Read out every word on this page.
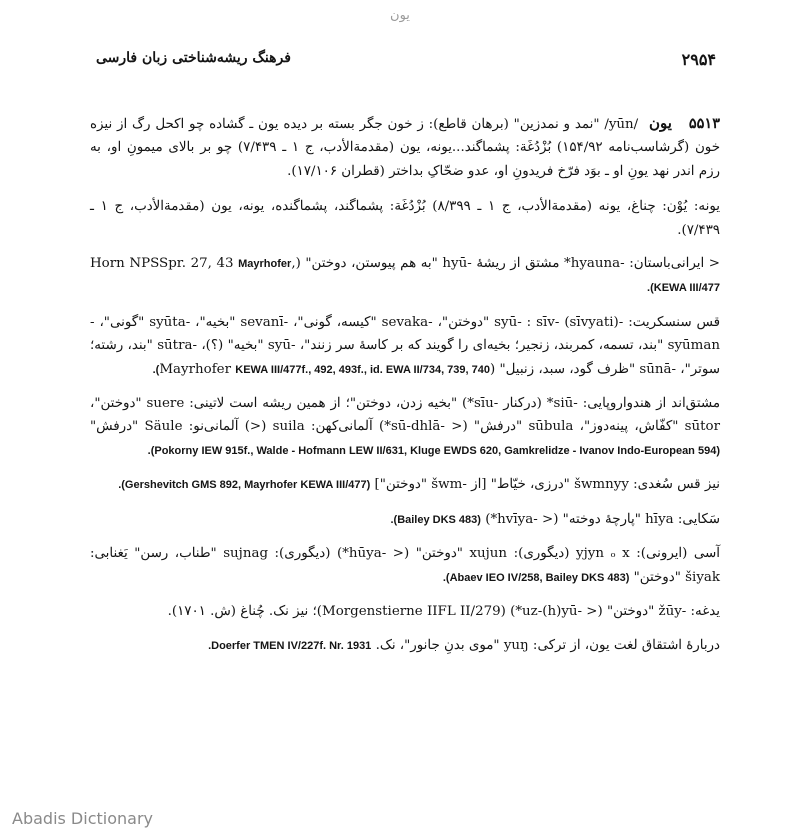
یون
۲۹۵۴
فرهنگ ریشه‌شناختی زبان فارسی
۵۵۱۳ یون /yūn/ "نمد و نمدزین" (برهان قاطع): ز خون جگر بسته بر دیده یون ـ گشاده چو اکحل رگ از نیزه خون (گرشاسب‌نامه ۱۵۴/۹۲) بُزْدُغَة: پشماگند...یونه، یون (مقدمة‌الأدب، ج ۱ ـ ۷/۴۳۹) چو بر بالای میمون‌ِ او، به رزم اندر نهد یونِ او ـ بوَد فرّخ فریدونِ او، عدو ضحّاکِ بداختر (قطران ۱۷/۱۰۶).
یونه: یُوْن: چناغ، یونه (مقدمة‌الأدب، ج ۱ ـ ۸/۳۹۹) بُزْدُغَة: پشماگند، پشماگنده، یونه، یون (مقدمة‌الأدب، ج ۱ ـ ۷/۴۳۹).
< ایرانی‌باستان: -hyauna* مشتق از ریشهٔ -hyū "به هم پیوستن، دوختن" (,Horn NPSSpr. 27, 43 Mayrhofer KEWA III/477).
قس سنسکریت: -syū- : sīv- (sīvyati) "دوختن"، -sevaka "کیسه، گونی"، -sevanī "بخیه"، -syūta "گونی"، -syūman "بند، تسمه، کمربند، زنجیر؛ بخیه‌ای را گویند که بر کاسهٔ سر زنند"، -syū "بخیه" (؟)، -sūtra "بند، رشته؛ سوتر"، -sūnā "ظرف گود، سبد، زنبیل" (Mayrhofer KEWA III/477f., 492, 493f., id. EWA II/734, 739, 740).
مشتق‌اند از هندواروپایی: -siū* (درکنار -sīu*) "بخیه زدن، دوختن"؛ از همین ریشه است لاتینی: suere "دوختن"، sūtor "کفّاش، پینه‌دوز"، sūbula "درفش" (< -sū-dhlā*) آلمانی‌کهن: suila (<) آلمانی‌نو: Säule "درفش" (Pokorny IEW 915f., Walde - Hofmann LEW II/631, Kluge EWDS 620, Gamkrelidze - Ivanov Indo-European 594).
نیز قس سُغدی: šwmnyy "درزی، خیّاط" [از -šwm "دوختن"] (Gershevitch GMS 892, Mayrhofer KEWA III/477).
سَکایی: hīya "پارچهٔ دوخته" (< -hvīya*) (Bailey DKS 483).
آسی (ایرونی): yjyn ₒ x (دیگوری): xujun "دوختن" (< -hūya*) (دیگوری): sujnag "طناب، رسن" یَغنابی: šiyak "دوختن" (Abaev IEO IV/258, Bailey DKS 483).
یدغه: -žūy "دوختن" (< -uz-(h)yū*) (Morgenstierne IIFL II/279)؛ نیز نک. چُناغ (ش. ۱۷۰۱).
دربارهٔ اشتقاق لغت یون، از ترکی: yuŋ "موی بدنِ جانور"، نک. Doerfer TMEN IV/227f. Nr. 1931.
Abadis Dictionary
